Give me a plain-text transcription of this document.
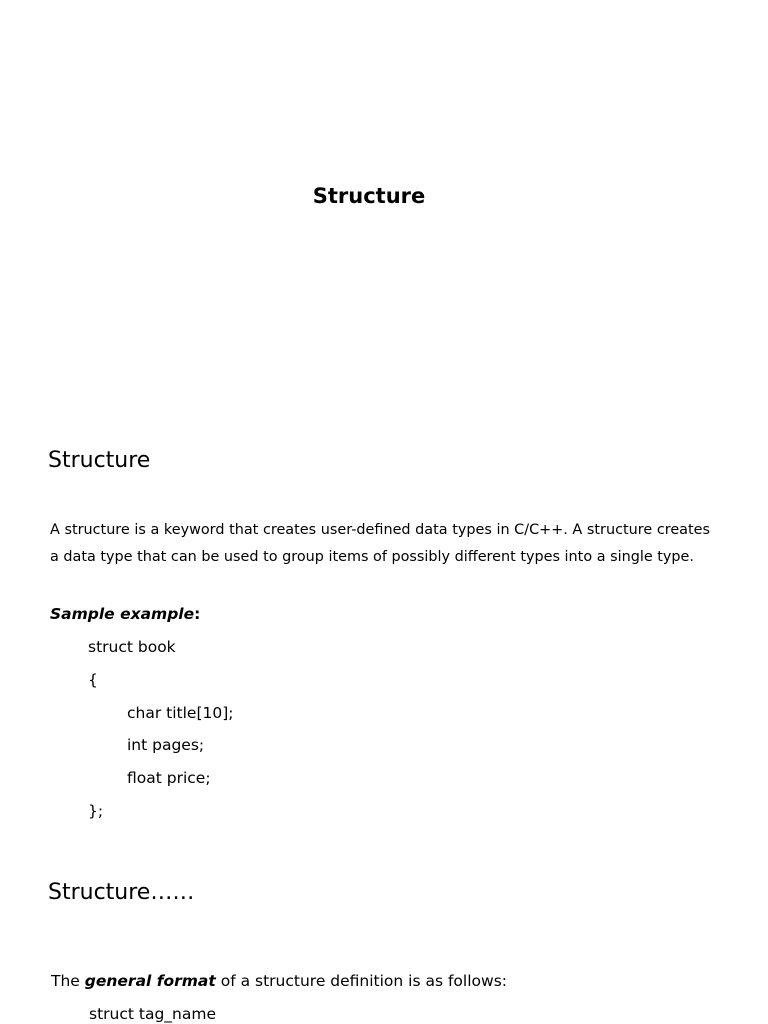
Structure
Structure

A structure is a keyword that creates user-defined data types in C/C++. A structure creates a data type that can be used to group items of possibly different types into a single type.

Sample example:

struct book
{
char title[10];
int pages;
float price;
};
Structure……

The general format of a structure definition is as follows:

struct tag_name
